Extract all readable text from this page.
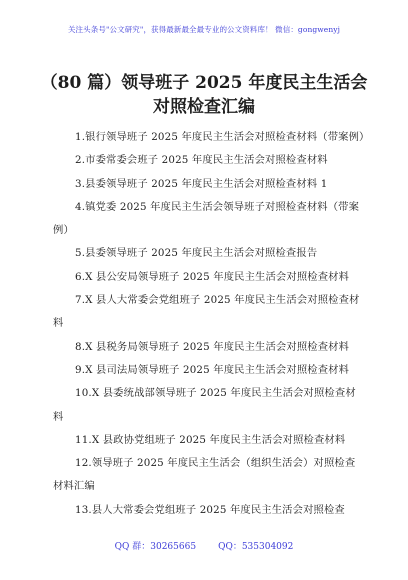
关注头条号"公文研究"，获得最新最全最专业的公文资料库！ 微信：gongwenyj
（80 篇）领导班子 2025 年度民主生活会
对照检查汇编
1.银行领导班子 2025 年度民主生活会对照检查材料（带案例）
2.市委常委会班子 2025 年度民主生活会对照检查材料
3.县委领导班子 2025 年度民主生活会对照检查材料 1
4.镇党委 2025 年度民主生活会领导班子对照检查材料（带案例）
5.县委领导班子 2025 年度民主生活会对照检查报告
6.X 县公安局领导班子 2025 年度民主生活会对照检查材料
7.X 县人大常委会党组班子 2025 年度民主生活会对照检查材料
8.X 县税务局领导班子 2025 年度民主生活会对照检查材料
9.X 县司法局领导班子 2025 年度民主生活会对照检查材料
10.X 县委统战部领导班子 2025 年度民主生活会对照检查材料
11.X 县政协党组班子 2025 年度民主生活会对照检查材料
12.领导班子 2025 年度民主生活会（组织生活会）对照检查材料汇编
13.县人大常委会党组班子 2025 年度民主生活会对照检查
QQ 群：30265665 QQ：535304092
